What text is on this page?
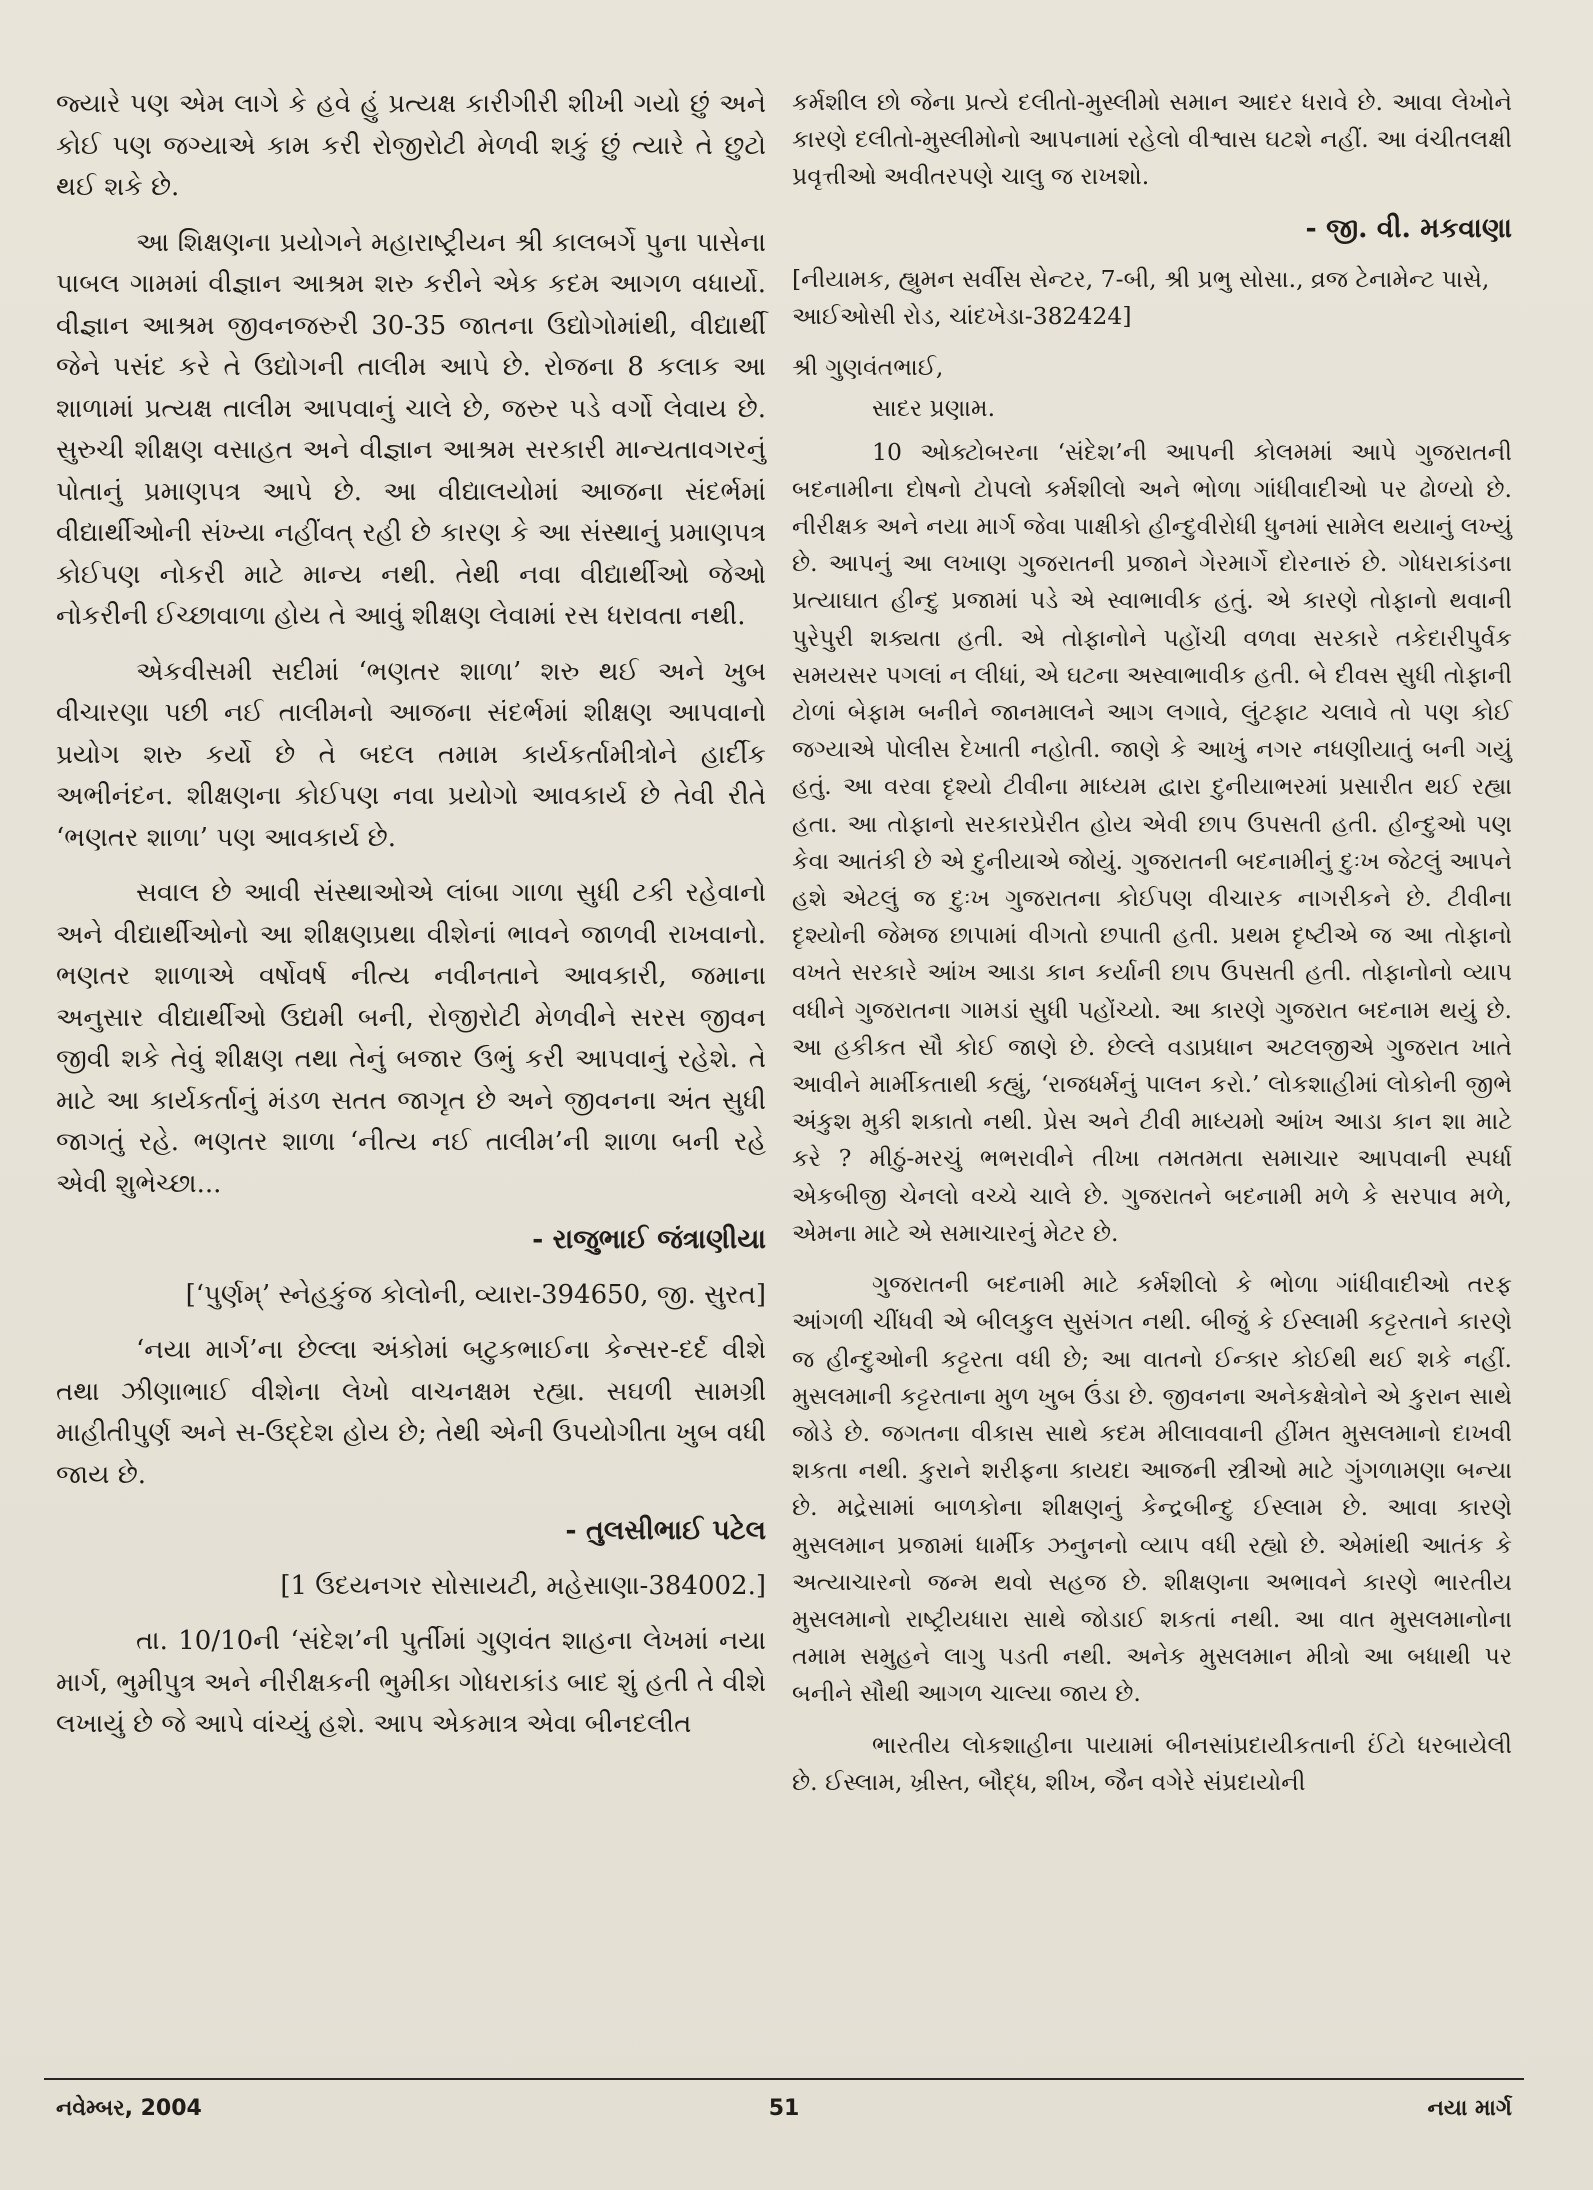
જ્યારે પણ એમ લાગે કે હવે હું પ્રત્યક્ષ કારીગીરી શીખી ગયો છું અને કોઈ પણ જગ્યાએ કામ કરી રોજીરોટી મેળવી શકું છું ત્યારે તે છુટો થઈ શકે છે.

આ શિક્ષણના પ્રયોગને મહારાષ્ટ્રીયન શ્રી કાલબર્ગે પુના પાસેના પાબલ ગામમાં વીજ્ઞાન આશ્રમ શરુ કરીને એક કદમ આગળ વધાર્યો. વીજ્ઞાન આશ્રમ જીવનજરુરી 30-35 જાતના ઉદ્યોગોમાંથી, વીદ્યાર્થી જેને પસંદ કરે તે ઉદ્યોગની તાલીમ આપે છે. રોજના 8 કલાક આ શાળામાં પ્રત્યક્ષ તાલીમ આપવાનું ચાલે છે, જરુર પડે વર્ગો લેવાય છે. સુરુચી શીક્ષણ વસાહત અને વીજ્ઞાન આશ્રમ સરકારી માન્યતાવગરનું પોતાનું પ્રમાણપત્ર આપે છે. આ વીદ્યાલયોમાં આજના સંદર્ભમાં વીદ્યાર્થીઓની સંખ્યા નહીંવત્ રહી છે કારણ કે આ સંસ્થાનું પ્રમાણપત્ર કોઈપણ નોકરી માટે માન્ય નથી. તેથી નવા વીદ્યાર્થીઓ જેઓ નોકરીની ઈચ્છાવાળા હોય તે આવું શીક્ષણ લેવામાં રસ ધરાવતા નથી.

એકવીસમી સદીમાં ‘ભણતર શાળા’ શરુ થઈ અને ખુબ વીચારણા પછી નઈ તાલીમનો આજના સંદર્ભમાં શીક્ષણ આપવાનો પ્રયોગ શરુ કર્યો છે તે બદલ તમામ કાર્યકર્તામીત્રોને હાર્દીક અભીનંદન. શીક્ષણના કોઈપણ નવા પ્રયોગો આવકાર્ય છે તેવી રીતે ‘ભણતર શાળા’ પણ આવકાર્ય છે.

સવાલ છે આવી સંસ્થાઓએ લાંબા ગાળા સુધી ટકી રહેવાનો અને વીદ્યાર્થીઓનો આ શીક્ષણપ્રથા વીશેનાં ભાવને જાળવી રાખવાનો. ભણતર શાળાએ વર્ષોવર્ષ નીત્ય નવીનતાને આવકારી, જમાના અનુસાર વીદ્યાર્થીઓ ઉદ્યમી બની, રોજીરોટી મેળવીને સરસ જીવન જીવી શકે તેવું શીક્ષણ તથા તેનું બજાર ઉભું કરી આપવાનું રહેશે. તે માટે આ કાર્યકર્તાનું મંડળ સતત જાગૃત છે અને જીવનના અંત સુધી જાગતું રહે. ભણતર શાળા ‘નીત્ય નઈ તાલીમ’ની શાળા બની રહે એવી શુભેચ્છા...

- રાજુભાઈ જંત્રાણીયા

[‘પુર્ણમ્’ સ્નેહકુંજ કોલોની, વ્યારા-394650, જી. સુરત]

‘નયા માર્ગ’ના છેલ્લા અંકોમાં બટુકભાઈના કેન્સર-દર્દ વીશે તથા ઝીણાભાઈ વીશેના લેખો વાચનક્ષમ રહ્યા. સઘળી સામગ્રી માહીતીપુર્ણ અને સ-ઉદ્દેશ હોય છે; તેથી એની ઉપયોગીતા ખુબ વધી જાય છે.

- તુલસીભાઈ પટેલ

[1 ઉદયનગર સોસાયટી, મહેસાણા-384002.]

તા. 10/10ની ‘સંદેશ’ની પુર્તીમાં ગુણવંત શાહના લેખમાં નયા માર્ગ, ભુમીપુત્ર અને નીરીક્ષકની ભુમીકા ગોધરાકાંડ બાદ શું હતી તે વીશે લખાયું છે જે આપે વાંચ્યું હશે. આપ એકમાત્ર એવા બીનદલીત

કર્મશીલ છો જેના પ્રત્યે દલીતો-મુસ્લીમો સમાન આદર ધરાવે છે. આવા લેખોને કારણે દલીતો-મુસ્લીમોનો આપનામાં રહેલો વીશ્વાસ ઘટશે નહીં. આ વંચીતલક્ષી પ્રવૃત્તીઓ અવીતરપણે ચાલુ જ રાખશો.

- જી. વી. મકવાણા

[નીયામક, હ્યુમન સર્વીસ સેન્ટર, 7-બી, શ્રી પ્રભુ સોસા., વ્રજ ટેનામેન્ટ પાસે, આઈઓસી રોડ, ચાંદખેડા-382424]

શ્રી ગુણવંતભાઈ,

સાદર પ્રણામ.

10 ઓક્ટોબરના ‘સંદેશ’ની આપની કોલમમાં આપે ગુજરાતની બદનામીના દોષનો ટોપલો કર્મશીલો અને ભોળા ગાંધીવાદીઓ પર ઢોળ્યો છે. નીરીક્ષક અને નયા માર્ગ જેવા પાક્ષીકો હીન્દુવીરોધી ધુનમાં સામેલ થયાનું લખ્યું છે. આપનું આ લખાણ ગુજરાતની પ્રજાને ગેરમાર્ગે દોરનારું છે. ગોધરાકાંડના પ્રત્યાઘાત હીન્દુ પ્રજામાં પડે એ સ્વાભાવીક હતું. એ કારણે તોફાનો થવાની પુરેપુરી શક્યતા હતી. એ તોફાનોને પહોંચી વળવા સરકારે તકેદારીપુર્વક સમયસર પગલાં ન લીધાં, એ ઘટના અસ્વાભાવીક હતી. બે દીવસ સુધી તોફાની ટોળાં બેફામ બનીને જાનમાલને આગ લગાવે, લુંટફાટ ચલાવે તો પણ કોઈ જગ્યાએ પોલીસ દેખાતી નહોતી. જાણે કે આખું નગર નધણીયાતું બની ગયું હતું. આ વરવા દૃશ્યો ટીવીના માધ્યમ દ્વારા દુનીયાભરમાં પ્રસારીત થઈ રહ્યા હતા. આ તોફાનો સરકારપ્રેરીત હોય એવી છાપ ઉપસતી હતી. હીન્દુઓ પણ કેવા આતંકી છે એ દુનીયાએ જોયું. ગુજરાતની બદનામીનું દુઃખ જેટલું આપને હશે એટલું જ દુઃખ ગુજરાતના કોઈપણ વીચારક નાગરીકને છે. ટીવીના દૃશ્યોની જેમજ છાપામાં વીગતો છપાતી હતી. પ્રથમ દૃષ્ટીએ જ આ તોફાનો વખતે સરકારે આંખ આડા કાન કર્યાની છાપ ઉપસતી હતી. તોફાનોનો વ્યાપ વધીને ગુજરાતના ગામડાં સુધી પહોંચ્યો. આ કારણે ગુજરાત બદનામ થયું છે. આ હકીકત સૌ કોઈ જાણે છે. છેલ્લે વડાપ્રધાન અટલજીએ ગુજરાત ખાતે આવીને માર્મીકતાથી કહ્યું, ‘રાજધર્મનું પાલન કરો.’ લોકશાહીમાં લોકોની જીભે અંકુશ મુકી શકાતો નથી. પ્રેસ અને ટીવી માધ્યમો આંખ આડા કાન શા માટે કરે ? મીઠું-મરચું ભભરાવીને તીખા તમતમતા સમાચાર આપવાની સ્પર્ધા એકબીજી ચેનલો વચ્ચે ચાલે છે. ગુજરાતને બદનામી મળે કે સરપાવ મળે, એમના માટે એ સમાચારનું મેટર છે.

ગુજરાતની બદનામી માટે કર્મશીલો કે ભોળા ગાંધીવાદીઓ તરફ આંગળી ચીંધવી એ બીલકુલ સુસંગત નથી. બીજું કે ઈસ્લામી કટ્ટરતાને કારણે જ હીન્દુઓની કટ્ટરતા વધી છે; આ વાતનો ઈન્કાર કોઈથી થઈ શકે નહીં. મુસલમાની કટ્ટરતાના મુળ ખુબ ઉંડા છે. જીવનના અનેકક્ષેત્રોને એ કુરાન સાથે જોડે છે. જગતના વીકાસ સાથે કદમ મીલાવવાની હીંમત મુસલમાનો દાખવી શકતા નથી. કુરાને શરીફના કાયદા આજની સ્ત્રીઓ માટે ગુંગળામણા બન્યા છે. મદ્રેસામાં બાળકોના શીક્ષણનું કેન્દ્રબીન્દુ ઈસ્લામ છે. આવા કારણે મુસલમાન પ્રજામાં ધાર્મીક ઝનુનનો વ્યાપ વધી રહ્યો છે. એમાંથી આતંક કે અત્યાચારનો જન્મ થવો સહજ છે. શીક્ષણના અભાવને કારણે ભારતીય મુસલમાનો રાષ્ટ્રીયધારા સાથે જોડાઈ શકતાં નથી. આ વાત મુસલમાનોના તમામ સમુહને લાગુ પડતી નથી. અનેક મુસલમાન મીત્રો આ બધાથી પર બનીને સૌથી આગળ ચાલ્યા જાય છે.

ભારતીય લોકશાહીના પાયામાં બીનસાંપ્રદાયીકતાની ઈંટો ધરબાયેલી છે. ઈસ્લામ, ખ્રીસ્ત, બૌદ્ધ, શીખ, જૈન વગેરે સંપ્રદાયોની

નવેમ્બર, 2004	51	નયા માર્ગ
